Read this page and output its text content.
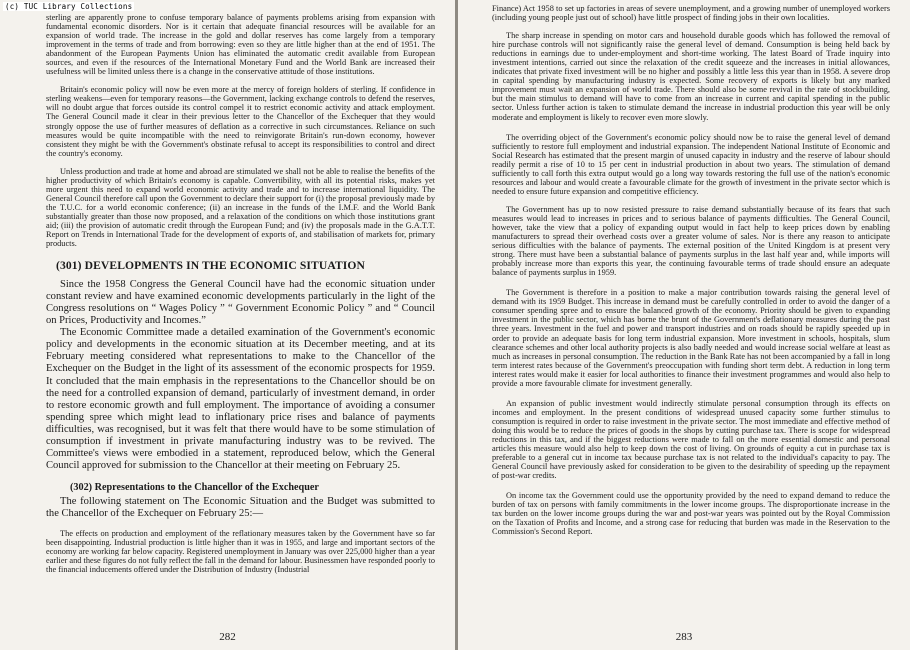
sterling are apparently prone to confuse temporary balance of payments problems arising from expansion with fundamental economic disorders. Nor is it certain that adequate financial resources will be available for an expansion of world trade. The increase in the gold and dollar reserves has come largely from a temporary improvement in the terms of trade and from borrowing: even so they are little higher than at the end of 1951. The abandonment of the European Payments Union has eliminated the automatic credit available from European sources, and even if the resources of the International Monetary Fund and the World Bank are increased their usefulness will be limited unless there is a change in the conservative attitude of those institutions.

Britain's economic policy will now be even more at the mercy of foreign holders of sterling. If confidence in sterling weakens—even for temporary reasons—the Government, lacking exchange controls to defend the reserves, will no doubt argue that forces outside its control compel it to restrict economic activity and attack employment. The General Council made it clear in their previous letter to the Chancellor of the Exchequer that they would strongly oppose the use of further measures of deflation as a corrective in such circumstances. Reliance on such measures would be quite incompatible with the need to reinvigorate Britain's run-down economy, however consistent they might be with the Government's obstinate refusal to accept its responsibilities to control and direct the country's economy.

Unless production and trade at home and abroad are stimulated we shall not be able to realise the benefits of the higher productivity of which Britain's economy is capable. Convertibility, with all its potential risks, makes yet more urgent this need to expand world economic activity and trade and to increase international liquidity. The General Council therefore call upon the Government to declare their support for (i) the proposal previously made by the T.U.C. for a world economic conference; (ii) an increase in the funds of the I.M.F. and the World Bank substantially greater than those now proposed, and a relaxation of the conditions on which those institutions grant aid; (iii) the provision of automatic credit through the European Fund; and (iv) the proposals made in the G.A.T.T. Report on Trends in International Trade for the development of exports of, and stabilisation of markets for, primary products.

(301) DEVELOPMENTS IN THE ECONOMIC SITUATION

Since the 1958 Congress the General Council have had the economic situation under constant review and have examined economic developments particularly in the light of the Congress resolutions on “ Wages Policy ” “ Government Economic Policy ” and “ Council on Prices, Productivity and Incomes.”

The Economic Committee made a detailed examination of the Government's economic policy and developments in the economic situation at its December meeting, and at its February meeting considered what representations to make to the Chancellor of the Exchequer on the Budget in the light of its assessment of the economic prospects for 1959. It concluded that the main emphasis in the representations to the Chancellor should be on the need for a controlled expansion of demand, particularly of investment demand, in order to restore economic growth and full employment. The importance of avoiding a consumer spending spree which might lead to inflationary price rises and balance of payments difficulties, was recognised, but it was felt that there would have to be some stimulation of consumption if investment in private manufacturing industry was to be revived. The Committee's views were embodied in a statement, reproduced below, which the General Council approved for submission to the Chancellor at their meeting on February 25.

(302) Representations to the Chancellor of the Exchequer

The following statement on The Economic Situation and the Budget was submitted to the Chancellor of the Exchequer on February 25:—

The effects on production and employment of the reflationary measures taken by the Government have so far been disappointing. Industrial production is little higher than it was in 1955, and large and important sectors of the economy are working far below capacity. Registered unemployment in January was over 225,000 higher than a year earlier and these figures do not fully reflect the fall in the demand for labour. Businessmen have responded poorly to the financial inducements offered under the Distribution of Industry (Industrial

282

Finance) Act 1958 to set up factories in areas of severe unemployment, and a growing number of unemployed workers (including young people just out of school) have little prospect of finding jobs in their own localities.

The sharp increase in spending on motor cars and household durable goods which has followed the removal of hire purchase controls will not significantly raise the general level of demand. Consumption is being held back by reductions in earnings due to under-employment and short-time working. The latest Board of Trade inquiry into investment intentions, carried out since the relaxation of the credit squeeze and the increases in initial allowances, indicates that private fixed investment will be no higher and possibly a little less this year than in 1958. A severe drop in capital spending by manufacturing industry is expected. Some recovery of exports is likely but any marked improvement must wait an expansion of world trade. There should also be some revival in the rate of stockbuilding, but the main stimulus to demand will have to come from an increase in current and capital spending in the public sector. Unless further action is taken to stimulate demand the increase in industrial production this year will be only moderate and employment is likely to recover even more slowly.

The overriding object of the Government's economic policy should now be to raise the general level of demand sufficiently to restore full employment and industrial expansion. The independent National Institute of Economic and Social Research has estimated that the present margin of unused capacity in industry and the reserve of labour should readily permit a rise of 10 to 15 per cent in industrial production in about two years. The stimulation of demand sufficiently to call forth this extra output would go a long way towards restoring the full use of the nation's economic resources and labour and would create a favourable climate for the growth of investment in the private sector which is needed to ensure future expansion and competitive efficiency.

The Government has up to now resisted pressure to raise demand substantially because of its fears that such measures would lead to increases in prices and to serious balance of payments difficulties. The General Council, however, take the view that a policy of expanding output would in fact help to keep prices down by enabling manufacturers to spread their overhead costs over a greater volume of sales. Nor is there any reason to anticipate serious difficulties with the balance of payments. The external position of the United Kingdom is at present very strong. There must have been a substantial balance of payments surplus in the last half year and, while imports will probably increase more than exports this year, the continuing favourable terms of trade should ensure an adequate balance of payments surplus in 1959.

The Government is therefore in a position to make a major contribution towards raising the general level of demand with its 1959 Budget. This increase in demand must be carefully controlled in order to avoid the danger of a consumer spending spree and to ensure the balanced growth of the economy. Priority should be given to expanding investment in the public sector, which has borne the brunt of the Government's deflationary measures during the past three years. Investment in the fuel and power and transport industries and on roads should be rapidly speeded up in order to provide an adequate basis for long term industrial expansion. More investment in schools, hospitals, slum clearance schemes and other local authority projects is also badly needed and would increase social welfare at least as much as increases in personal consumption. The reduction in the Bank Rate has not been accompanied by a fall in long term interest rates because of the Government's preoccupation with funding short term debt. A reduction in long term interest rates would make it easier for local authorities to finance their investment programmes and would also help to provide a more favourable climate for investment generally.

An expansion of public investment would indirectly stimulate personal consumption through its effects on incomes and employment. In the present conditions of widespread unused capacity some further stimulus to consumption is required in order to raise investment in the private sector. The most immediate and effective method of doing this would be to reduce the prices of goods in the shops by cutting purchase tax. There is scope for widespread reductions in this tax, and if the biggest reductions were made to fall on the more essential domestic and personal articles this measure would also help to keep down the cost of living. On grounds of equity a cut in purchase tax is preferable to a general cut in income tax because purchase tax is not related to the individual's capacity to pay. The General Council have previously asked for consideration to be given to the desirability of speeding up the repayment of post-war credits.

On income tax the Government could use the opportunity provided by the need to expand demand to reduce the burden of tax on persons with family commitments in the lower income groups. The disproportionate increase in the tax burden on the lower income groups during the war and post-war years was pointed out by the Royal Commission on the Taxation of Profits and Income, and a strong case for reducing that burden was made in the Reservation to the Commission's Second Report.

283
(c) TUC Library Collections
